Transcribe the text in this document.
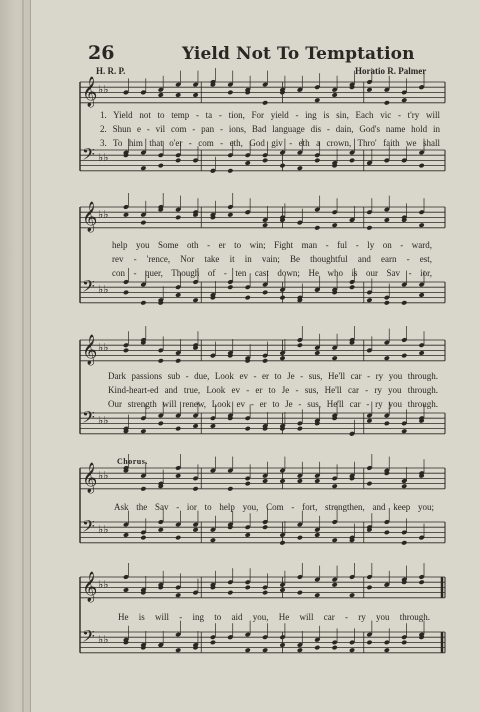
26	Yield Not To Temptation
H. R. P.	Horatio R. Palmer
Chorus.
𝄞 ♭♭
𝄢 ♭♭
𝄞 ♭♭
𝄢 ♭♭
𝄞 ♭♭
𝄢 ♭♭
𝄞 ♭♭
𝄢 ♭♭
𝄞 ♭♭
𝄢 ♭♭
1. Yield not to temp - ta - tion, For yield - ing is sin, Each vic - t'ry will
2. Shun e - vil com - pan - ions, Bad language dis - dain, God's name hold in
3. To him that o'er - com - eth, God giv - eth a crown, Thro' faith we shall
help you Some oth - er to win; Fight man - ful - ly on - ward,
rev - 'rence, Nor take it in vain; Be thoughtful and earn - est,
con - quer, Though of - ten cast down; He who is our Sav - ior,
Dark passions sub - due, Look ev - er to Je - sus, He'll car - ry you through.
Kind-heart-ed and true, Look ev - er to Je - sus, He'll car - ry you through.
Our strength will renew, Look ev - er to Je - sus, He'll car - ry you through.
Ask the Sav - ior to help you, Com - fort, strengthen, and keep you;
He is will - ing to aid you, He will car - ry you through.
